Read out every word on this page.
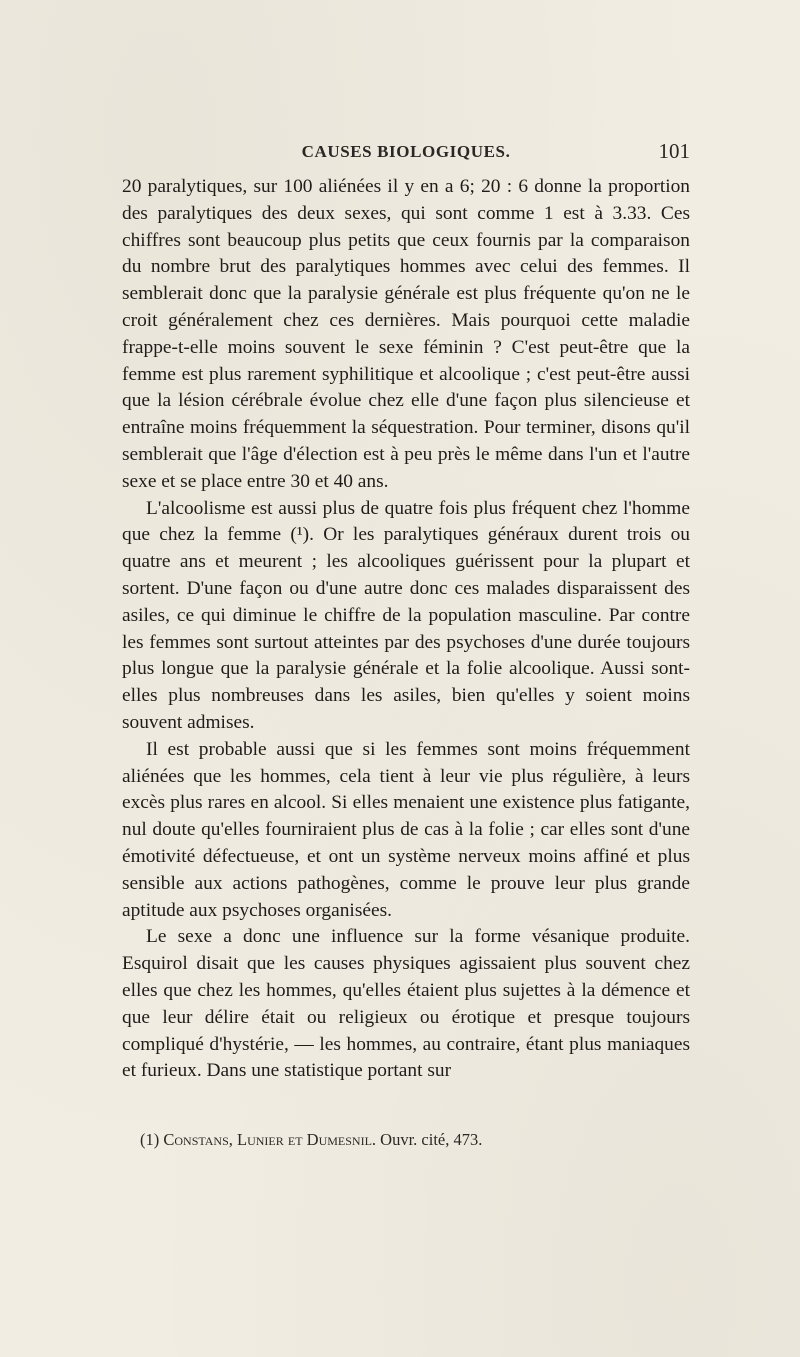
CAUSES BIOLOGIQUES.	101

20 paralytiques, sur 100 aliénées il y en a 6; 20 : 6 donne la proportion des paralytiques des deux sexes, qui sont comme 1 est à 3.33. Ces chiffres sont beaucoup plus petits que ceux fournis par la comparaison du nombre brut des paralytiques hommes avec celui des femmes. Il semblerait donc que la paralysie générale est plus fréquente qu'on ne le croit généralement chez ces dernières. Mais pourquoi cette maladie frappe-t-elle moins souvent le sexe féminin ? C'est peut-être que la femme est plus rarement syphilitique et alcoolique ; c'est peut-être aussi que la lésion cérébrale évolue chez elle d'une façon plus silencieuse et entraîne moins fréquemment la séquestration. Pour terminer, disons qu'il semblerait que l'âge d'élection est à peu près le même dans l'un et l'autre sexe et se place entre 30 et 40 ans.

L'alcoolisme est aussi plus de quatre fois plus fréquent chez l'homme que chez la femme (¹). Or les paralytiques généraux durent trois ou quatre ans et meurent ; les alcooliques guérissent pour la plupart et sortent. D'une façon ou d'une autre donc ces malades disparaissent des asiles, ce qui diminue le chiffre de la population masculine. Par contre les femmes sont surtout atteintes par des psychoses d'une durée toujours plus longue que la paralysie générale et la folie alcoolique. Aussi sont-elles plus nombreuses dans les asiles, bien qu'elles y soient moins souvent admises.

Il est probable aussi que si les femmes sont moins fréquemment aliénées que les hommes, cela tient à leur vie plus régulière, à leurs excès plus rares en alcool. Si elles menaient une existence plus fatigante, nul doute qu'elles fourniraient plus de cas à la folie ; car elles sont d'une émotivité défectueuse, et ont un système nerveux moins affiné et plus sensible aux actions pathogènes, comme le prouve leur plus grande aptitude aux psychoses organisées.

Le sexe a donc une influence sur la forme vésanique produite. Esquirol disait que les causes physiques agissaient plus souvent chez elles que chez les hommes, qu'elles étaient plus sujettes à la démence et que leur délire était ou religieux ou érotique et presque toujours compliqué d'hystérie, — les hommes, au contraire, étant plus maniaques et furieux. Dans une statistique portant sur

(1) Constans, Lunier et Dumesnil. Ouvr. cité, 473.
